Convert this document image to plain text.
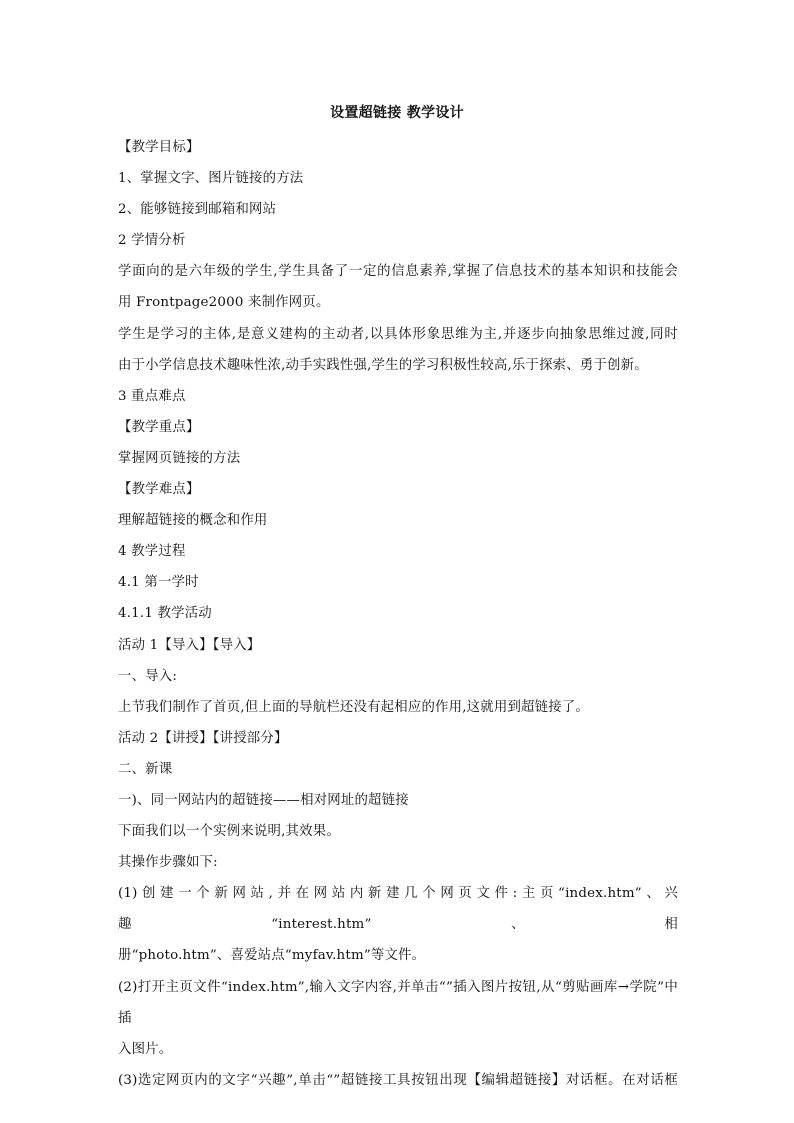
设置超链接 教学设计
【教学目标】
1、掌握文字、图片链接的方法
2、能够链接到邮箱和网站
2 学情分析
学面向的是六年级的学生,学生具备了一定的信息素养,掌握了信息技术的基本知识和技能会
用 Frontpage2000 来制作网页。
学生是学习的主体,是意义建构的主动者,以具体形象思维为主,并逐步向抽象思维过渡,同时
由于小学信息技术趣味性浓,动手实践性强,学生的学习积极性较高,乐于探索、勇于创新。
3 重点难点
【教学重点】
掌握网页链接的方法
【教学难点】
理解超链接的概念和作用
4 教学过程
4.1 第一学时
4.1.1 教学活动
活动 1【导入】【导入】
一、导入:
上节我们制作了首页,但上面的导航栏还没有起相应的作用,这就用到超链接了。
活动 2【讲授】【讲授部分】
二、新课
一)、同一网站内的超链接——相对网址的超链接
下面我们以一个实例来说明,其效果。
其操作步骤如下:
(1)创建一个新网站,并在网站内新建几个网页文件:主页“index.htm”、兴趣“interest.htm”、相
册“photo.htm”、喜爱站点“myfav.htm”等文件。
(2)打开主页文件“index.htm”,输入文字内容,并单击“”插入图片按钮,从“剪贴画库→学院”中插
入图片。
(3)选定网页内的文字“兴趣”,单击“”超链接工具按钮出现【编辑超链接】对话框。在对话框
